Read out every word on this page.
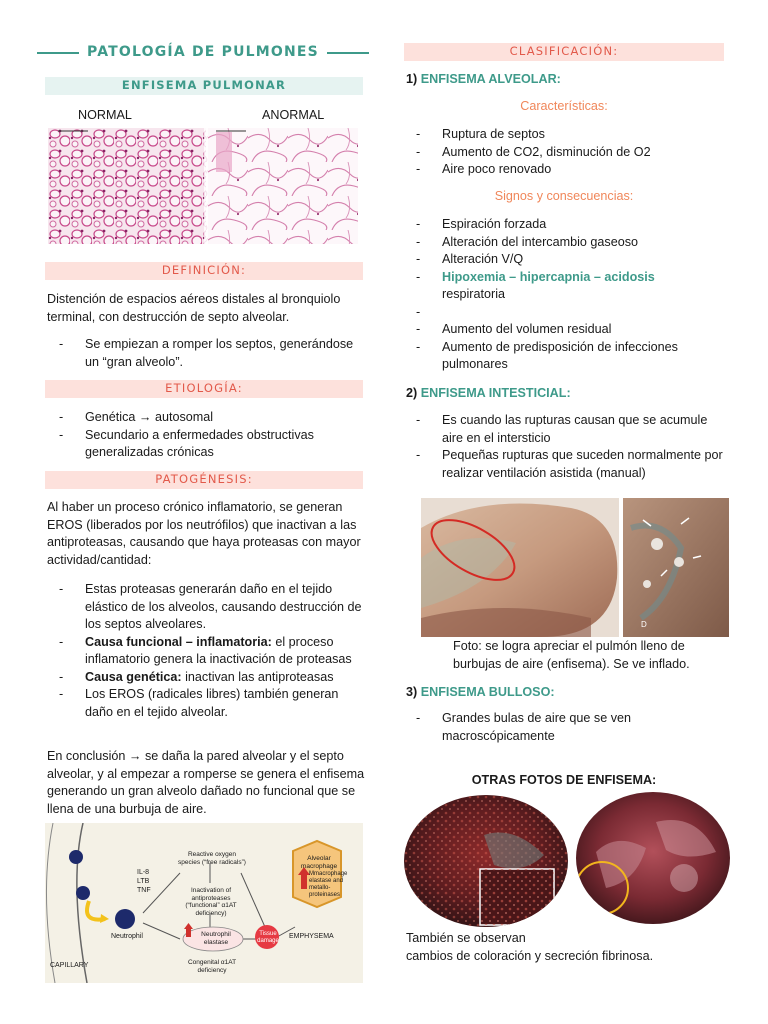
PATOLOGÍA DE PULMONES
ENFISEMA PULMONAR
NORMAL	ANORMAL
DEFINICIÓN:
Distención de espacios aéreos distales al bronquiolo terminal, con destrucción de septo alveolar.
- Se empiezan a romper los septos, generándose un “gran alveolo”.
ETIOLOGÍA:
- Genética → autosomal
- Secundario a enfermedades obstructivas generalizadas crónicas
PATOGÉNESIS:
Al haber un proceso crónico inflamatorio, se generan EROS (liberados por los neutrófilos) que inactivan a las antiproteasas, causando que haya proteasas con mayor actividad/cantidad:
- Estas proteasas generarán daño en el tejido elástico de los alveolos, causando destrucción de los septos alveolares.
- Causa funcional – inflamatoria: el proceso inflamatorio genera la inactivación de proteasas
- Causa genética: inactivan las antiproteasas
- Los EROS (radicales libres) también generan daño en el tejido alveolar.
En conclusión → se daña la pared alveolar y el septo alveolar, y al empezar a romperse se genera el enfisema generando un gran alveolo dañado no funcional que se llena de una burbuja de aire.
CAPILLARY
IL-8
LTB
TNF
Neutrophil
Reactive oxygen species (“free radicals”)
Inactivation of antiproteases (“functional” α1AT deficiency)
Neutrophil elastase
Congenital α1AT deficiency
Tissue damage
Alveolar macrophage
Mmacrophage elastase and metallo-proteinases
EMPHYSEMA
CLASIFICACIÓN:
1) ENFISEMA ALVEOLAR:
Características:
- Ruptura de septos
- Aumento de CO2, disminución de O2
- Aire poco renovado
Signos y consecuencias:
- Espiración forzada
- Alteración del intercambio gaseoso
- Alteración V/Q
- Hipoxemia – hipercapnia – acidosis
respiratoria
-
- Aumento del volumen residual
- Aumento de predisposición de infecciones pulmonares
2) ENFISEMA INTESTICIAL:
- Es cuando las rupturas causan que se acumule aire en el intersticio
- Pequeñas rupturas que suceden normalmente por realizar ventilación asistida (manual)
D
Foto: se logra apreciar el pulmón lleno de burbujas de aire (enfisema). Se ve inflado.
3) ENFISEMA BULLOSO:
- Grandes bulas de aire que se ven macroscópicamente
OTRAS FOTOS DE ENFISEMA:
También se observan
cambios de coloración y secreción fibrinosa.
